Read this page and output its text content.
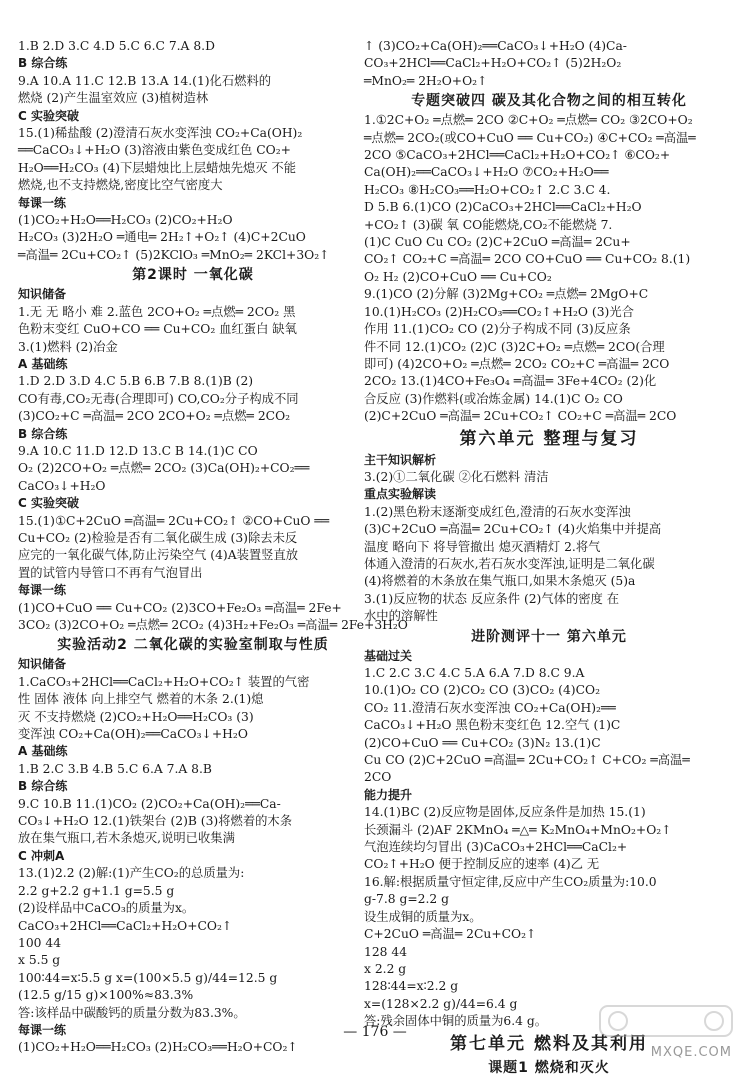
1.B 2.D 3.C 4.D 5.C 6.C 7.A 8.D
B 综合练
9.A 10.A 11.C 12.B 13.A 14.(1)化石燃料的
燃烧 (2)产生温室效应 (3)植树造林
C 实验突破
15.(1)稀盐酸 (2)澄清石灰水变浑浊 CO₂+Ca(OH)₂
══CaCO₃↓+H₂O (3)溶液由紫色变成红色 CO₂+
H₂O══H₂CO₃ (4)下层蜡烛比上层蜡烛先熄灭 不能
燃烧,也不支持燃烧,密度比空气密度大
每课一练
(1)CO₂+H₂O══H₂CO₃ (2)CO₂+H₂O
H₂CO₃ (3)2H₂O ═通电═ 2H₂↑+O₂↑ (4)C+2CuO
═高温═ 2Cu+CO₂↑ (5)2KClO₃ ═MnO₂═ 2KCl+3O₂↑
第2课时 一氧化碳
知识储备
1.无 无 略小 难 2.蓝色 2CO+O₂ ═点燃═ 2CO₂ 黑
色粉末变红 CuO+CO ══ Cu+CO₂ 血红蛋白 缺氧
3.(1)燃料 (2)冶金
A 基础练
1.D 2.D 3.D 4.C 5.B 6.B 7.B 8.(1)B (2)
CO有毒,CO₂无毒(合理即可) CO,CO₂分子构成不同
(3)CO₂+C ═高温═ 2CO 2CO+O₂ ═点燃═ 2CO₂
B 综合练
9.A 10.C 11.D 12.D 13.C B 14.(1)C CO
O₂ (2)2CO+O₂ ═点燃═ 2CO₂ (3)Ca(OH)₂+CO₂══
CaCO₃↓+H₂O
C 实验突破
15.(1)①C+2CuO ═高温═ 2Cu+CO₂↑ ②CO+CuO ══
Cu+CO₂ (2)检验是否有二氧化碳生成 (3)除去未反
应完的一氧化碳气体,防止污染空气 (4)A装置竖直放
置的试管内导管口不再有气泡冒出
每课一练
(1)CO+CuO ══ Cu+CO₂ (2)3CO+Fe₂O₃ ═高温═ 2Fe+
3CO₂ (3)2CO+O₂ ═点燃═ 2CO₂ (4)3H₂+Fe₂O₃ ═高温═ 2Fe+3H₂O
实验活动2 二氧化碳的实验室制取与性质
知识储备
1.CaCO₃+2HCl══CaCl₂+H₂O+CO₂↑ 装置的气密
性 固体 液体 向上排空气 燃着的木条 2.(1)熄
灭 不支持燃烧 (2)CO₂+H₂O══H₂CO₃ (3)
变浑浊 CO₂+Ca(OH)₂══CaCO₃↓+H₂O
A 基础练
1.B 2.C 3.B 4.B 5.C 6.A 7.A 8.B
B 综合练
9.C 10.B 11.(1)CO₂ (2)CO₂+Ca(OH)₂══Ca-
CO₃↓+H₂O 12.(1)铁架台 (2)B (3)将燃着的木条
放在集气瓶口,若木条熄灭,说明已收集满
C 冲刺A
13.(1)2.2 (2)解:(1)产生CO₂的总质量为:
2.2 g+2.2 g+1.1 g=5.5 g
(2)设样品中CaCO₃的质量为x。
CaCO₃+2HCl══CaCl₂+H₂O+CO₂↑
100 44
x 5.5 g
100∶44=x∶5.5 g x=(100×5.5 g)/44=12.5 g
(12.5 g/15 g)×100%≈83.3%
答:该样品中碳酸钙的质量分数为83.3%。
每课一练
(1)CO₂+H₂O══H₂CO₃ (2)H₂CO₃══H₂O+CO₂↑
↑ (3)CO₂+Ca(OH)₂══CaCO₃↓+H₂O (4)Ca-
CO₃+2HCl══CaCl₂+H₂O+CO₂↑ (5)2H₂O₂
═MnO₂═ 2H₂O+O₂↑
专题突破四 碳及其化合物之间的相互转化
1.①2C+O₂ ═点燃═ 2CO ②C+O₂ ═点燃═ CO₂ ③2CO+O₂
═点燃═ 2CO₂(或CO+CuO ══ Cu+CO₂) ④C+CO₂ ═高温═
2CO ⑤CaCO₃+2HCl══CaCl₂+H₂O+CO₂↑ ⑥CO₂+
Ca(OH)₂══CaCO₃↓+H₂O ⑦CO₂+H₂O══
H₂CO₃ ⑧H₂CO₃══H₂O+CO₂↑ 2.C 3.C 4.
D 5.B 6.(1)CO (2)CaCO₃+2HCl══CaCl₂+H₂O
+CO₂↑ (3)碳 氧 CO能燃烧,CO₂不能燃烧 7.
(1)C CuO Cu CO₂ (2)C+2CuO ═高温═ 2Cu+
CO₂↑ CO₂+C ═高温═ 2CO CO+CuO ══ Cu+CO₂ 8.(1)
O₂ H₂ (2)CO+CuO ══ Cu+CO₂
9.(1)CO (2)分解 (3)2Mg+CO₂ ═点燃═ 2MgO+C
10.(1)H₂CO₃ (2)H₂CO₃══CO₂↑+H₂O (3)光合
作用 11.(1)CO₂ CO (2)分子构成不同 (3)反应条
件不同 12.(1)CO₂ (2)C (3)2C+O₂ ═点燃═ 2CO(合理
即可) (4)2CO+O₂ ═点燃═ 2CO₂ CO₂+C ═高温═ 2CO
2CO₂ 13.(1)4CO+Fe₃O₄ ═高温═ 3Fe+4CO₂ (2)化
合反应 (3)作燃料(或冶炼金属) 14.(1)C O₂ CO
(2)C+2CuO ═高温═ 2Cu+CO₂↑ CO₂+C ═高温═ 2CO
第六单元 整理与复习
主干知识解析
3.(2)①二氧化碳 ②化石燃料 清洁
重点实验解读
1.(2)黑色粉末逐渐变成红色,澄清的石灰水变浑浊
(3)C+2CuO ═高温═ 2Cu+CO₂↑ (4)火焰集中并提高
温度 略向下 将导管撤出 熄灭酒精灯 2.将气
体通入澄清的石灰水,若石灰水变浑浊,证明是二氧化碳
(4)将燃着的木条放在集气瓶口,如果木条熄灭 (5)a
3.(1)反应物的状态 反应条件 (2)气体的密度 在
水中的溶解性
进阶测评十一 第六单元
基础过关
1.C 2.C 3.C 4.C 5.A 6.A 7.D 8.C 9.A
10.(1)O₂ CO (2)CO₂ CO (3)CO₂ (4)CO₂
CO₂ 11.澄清石灰水变浑浊 CO₂+Ca(OH)₂══
CaCO₃↓+H₂O 黑色粉末变红色 12.空气 (1)C
(2)CO+CuO ══ Cu+CO₂ (3)N₂ 13.(1)C
Cu CO (2)C+2CuO ═高温═ 2Cu+CO₂↑ C+CO₂ ═高温═
2CO
能力提升
14.(1)BC (2)反应物是固体,反应条件是加热 15.(1)
长颈漏斗 (2)AF 2KMnO₄ ═△═ K₂MnO₄+MnO₂+O₂↑
气泡连续均匀冒出 (3)CaCO₃+2HCl══CaCl₂+
CO₂↑+H₂O 便于控制反应的速率 (4)乙 无
16.解:根据质量守恒定律,反应中产生CO₂质量为:10.0
g-7.8 g=2.2 g
设生成铜的质量为x。
C+2CuO ═高温═ 2Cu+CO₂↑
128 44
x 2.2 g
128∶44=x∶2.2 g
x=(128×2.2 g)/44=6.4 g
答:残余固体中铜的质量为6.4 g。
第七单元 燃料及其利用
课题1 燃烧和灭火
— 176 —
MXQE.COM
